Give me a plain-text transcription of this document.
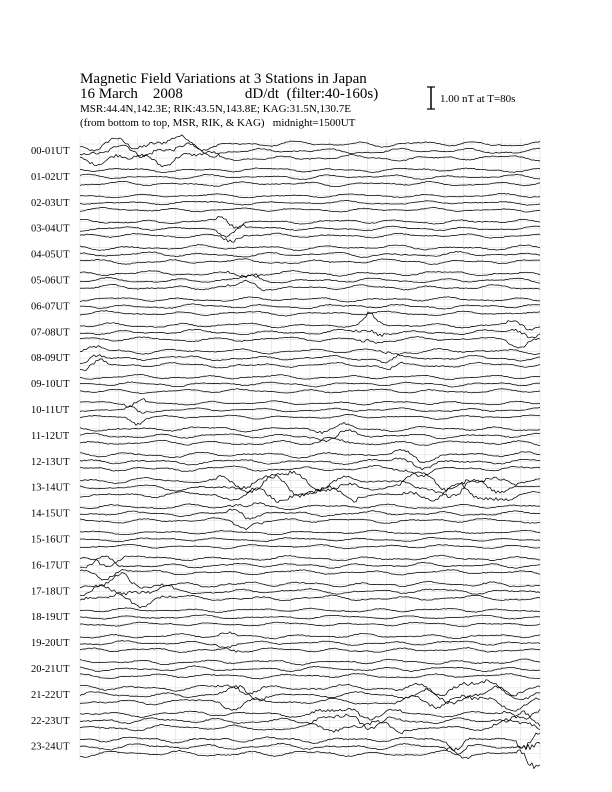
Magnetic Field Variations at 3 Stations in Japan
16 March    2008	dD/dt  (filter:40-160s)
MSR:44.4N,142.3E; RIK:43.5N,143.8E; KAG:31.5N,130.7E
(from bottom to top, MSR, RIK, & KAG)   midnight=1500UT
1.00 nT at T=80s
00-01UT
01-02UT
02-03UT
03-04UT
04-05UT
05-06UT
06-07UT
07-08UT
08-09UT
09-10UT
10-11UT
11-12UT
12-13UT
13-14UT
14-15UT
15-16UT
16-17UT
17-18UT
18-19UT
19-20UT
20-21UT
21-22UT
22-23UT
23-24UT
